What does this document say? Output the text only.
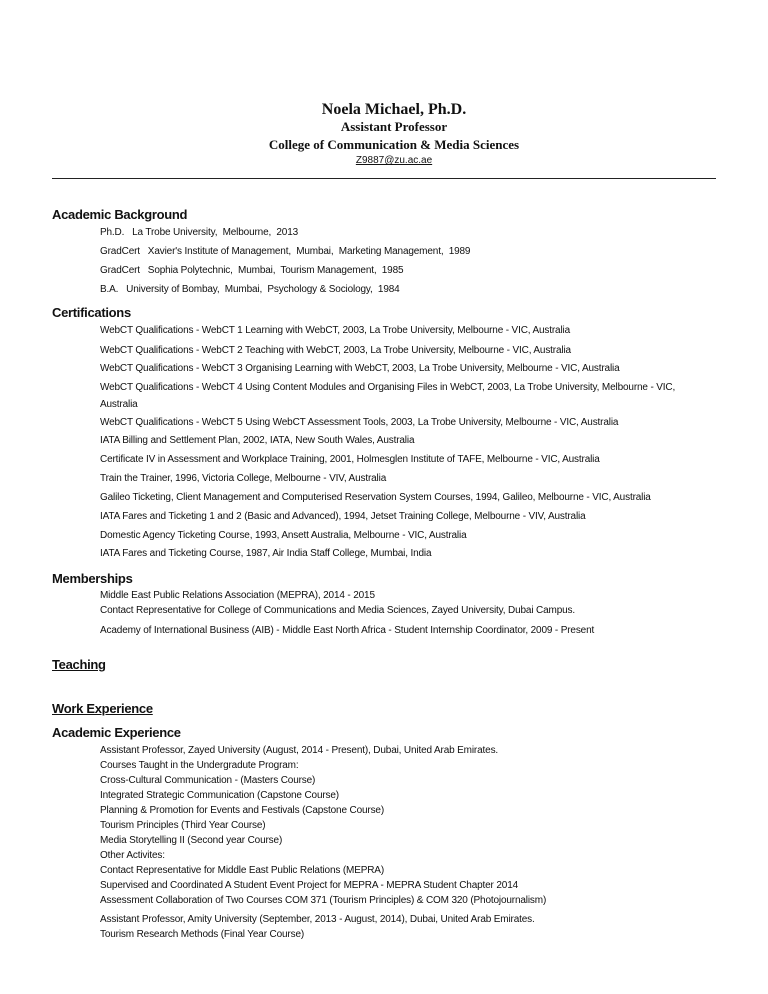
Noela Michael, Ph.D.
Assistant Professor
College of Communication & Media Sciences
Z9887@zu.ac.ae
Academic Background
Ph.D.   La Trobe University,  Melbourne,  2013
GradCert   Xavier's Institute of Management,  Mumbai,  Marketing Management,  1989
GradCert   Sophia Polytechnic,  Mumbai,  Tourism Management,  1985
B.A.   University of Bombay,  Mumbai,  Psychology & Sociology,  1984
Certifications
WebCT Qualifications - WebCT 1 Learning with WebCT, 2003, La Trobe University, Melbourne - VIC, Australia
WebCT Qualifications - WebCT 2 Teaching with WebCT, 2003, La Trobe University, Melbourne - VIC, Australia
WebCT Qualifications - WebCT 3 Organising Learning with WebCT, 2003, La Trobe University, Melbourne - VIC, Australia
WebCT Qualifications - WebCT 4 Using Content Modules and Organising Files in WebCT, 2003, La Trobe University, Melbourne - VIC,
Australia
WebCT Qualifications - WebCT 5 Using WebCT Assessment Tools, 2003, La Trobe University, Melbourne - VIC, Australia
IATA Billing and Settlement Plan, 2002, IATA, New South Wales, Australia
Certificate IV in Assessment and Workplace Training, 2001, Holmesglen Institute of TAFE, Melbourne - VIC, Australia
Train the Trainer, 1996, Victoria College, Melbourne - VIV, Australia
Galileo Ticketing, Client Management and Computerised Reservation System Courses, 1994, Galileo, Melbourne - VIC, Australia
IATA Fares and Ticketing 1 and 2 (Basic and Advanced), 1994, Jetset Training College, Melbourne - VIV, Australia
Domestic Agency Ticketing Course, 1993, Ansett Australia, Melbourne - VIC, Australia
IATA Fares and Ticketing Course, 1987, Air India Staff College, Mumbai, India
Memberships
Middle East Public Relations Association (MEPRA), 2014 - 2015
Contact Representative for College of Communications and Media Sciences, Zayed University, Dubai Campus.
Academy of International Business (AIB) - Middle East North Africa - Student Internship Coordinator, 2009 - Present
Teaching
Work Experience
Academic Experience
Assistant Professor, Zayed University (August, 2014 - Present), Dubai, United Arab Emirates.
Courses Taught in the Undergradute Program:
Cross-Cultural Communication - (Masters Course)
Integrated Strategic Communication (Capstone Course)
Planning & Promotion for Events and Festivals (Capstone Course)
Tourism Principles (Third Year Course)
Media Storytelling II (Second year Course)
Other Activites:
Contact Representative for Middle East Public Relations (MEPRA)
Supervised and Coordinated A Student Event Project for MEPRA - MEPRA Student Chapter 2014
Assessment Collaboration of Two Courses COM 371 (Tourism Principles) & COM 320 (Photojournalism)
Assistant Professor, Amity University (September, 2013 - August, 2014), Dubai, United Arab Emirates.
Tourism Research Methods (Final Year Course)
